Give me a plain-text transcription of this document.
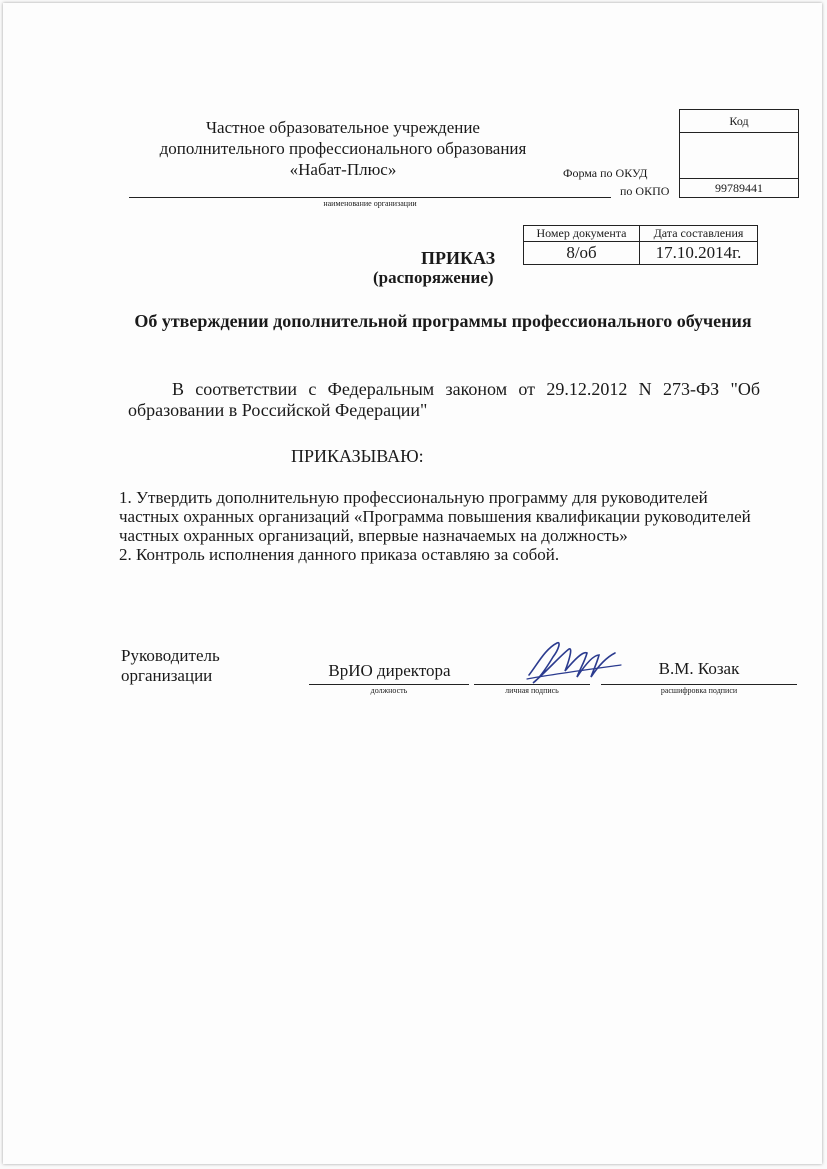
Частное образовательное учреждение
дополнительного профессионального образования
«Набат-Плюс»
наименование организации
Форма по ОКУД
по ОКПО
Код

99789441
Номер документа	Дата составления
8/об	17.10.2014г.
ПРИКАЗ
(распоряжение)
Об утверждении дополнительной программы профессионального обучения
В соответствии с Федеральным законом от 29.12.2012 N 273-ФЗ "Об образовании в Российской Федерации"
ПРИКАЗЫВАЮ:
1. Утвердить дополнительную профессиональную программу для руководителей частных охранных организаций «Программа повышения квалификации руководителей частных охранных организаций, впервые назначаемых на должность»
2. Контроль исполнения данного приказа оставляю за собой.
Руководитель
организации	ВрИО директора
должность	личная подпись
В.М. Козак
расшифровка подписи
